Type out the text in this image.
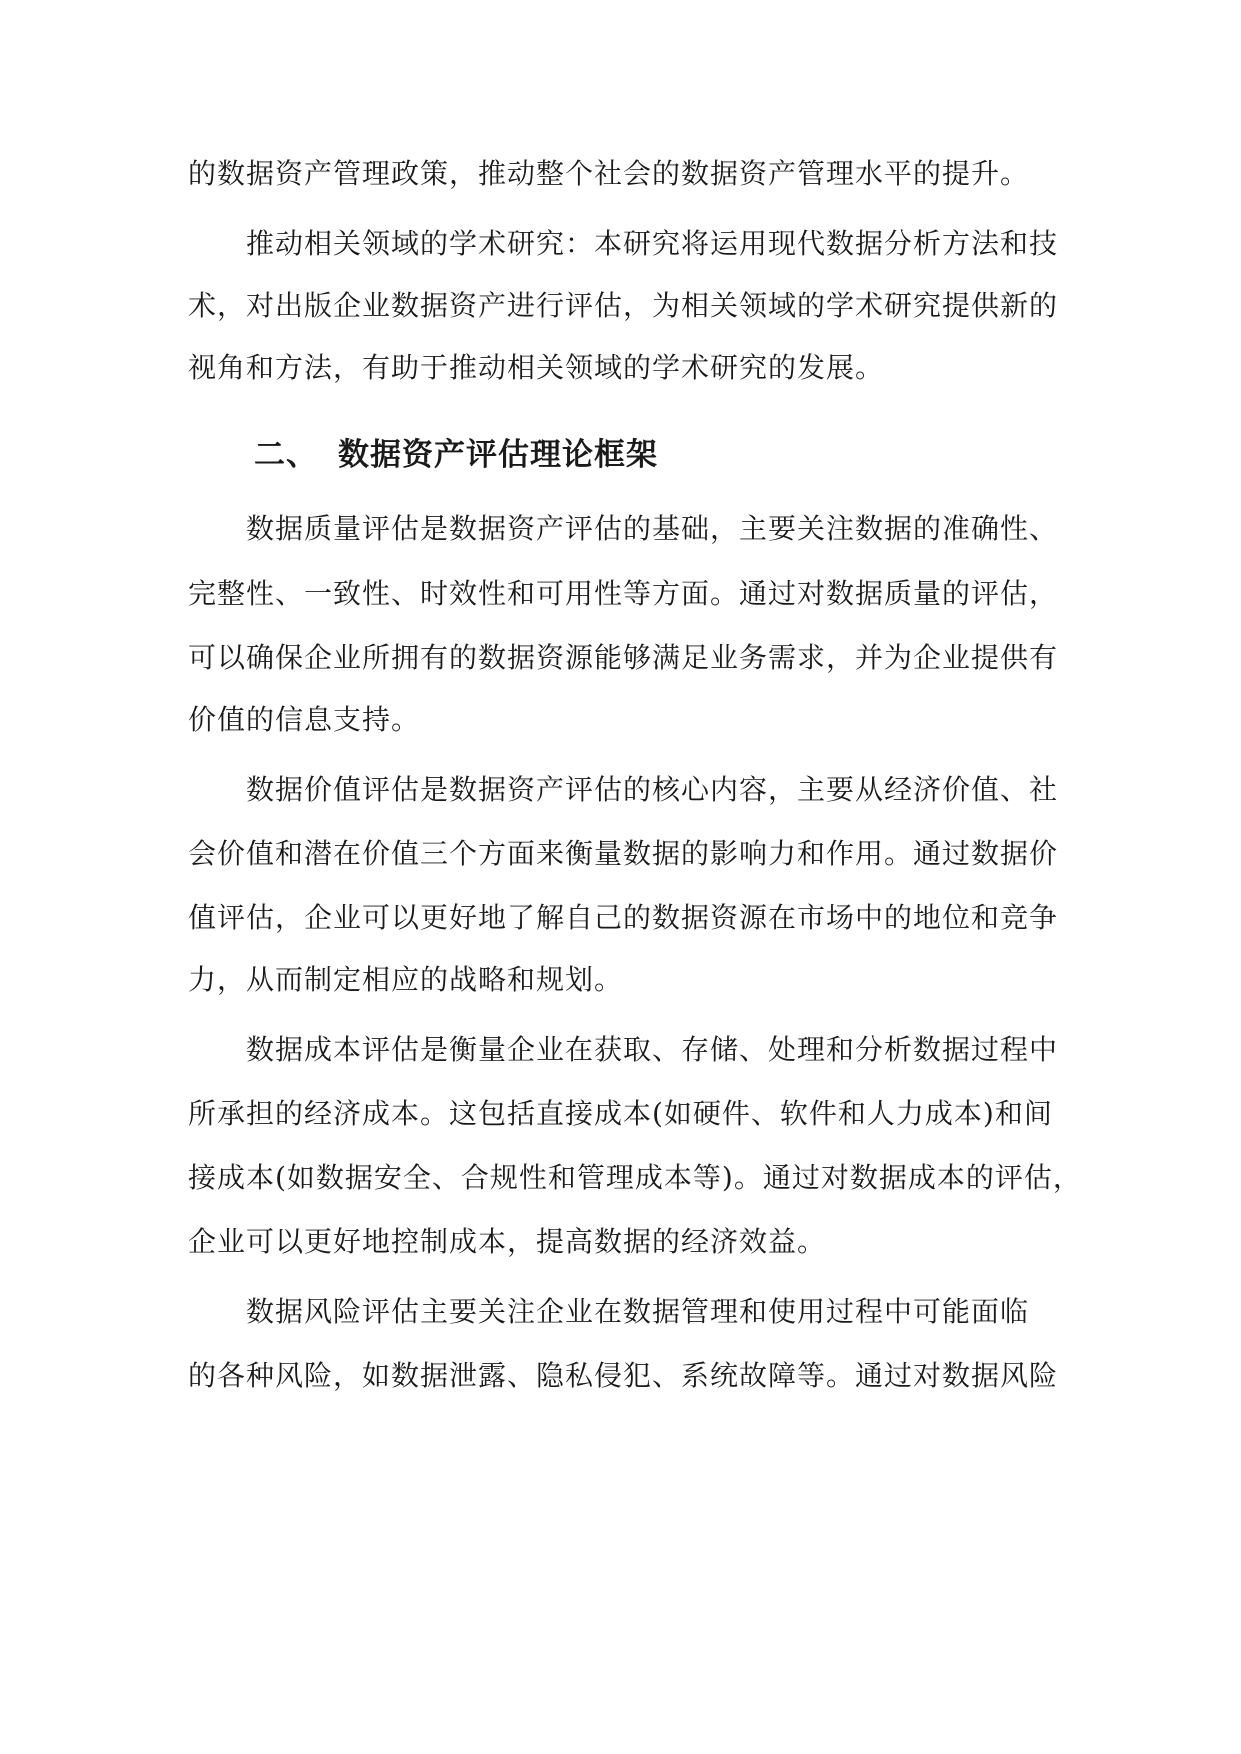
的数据资产管理政策，推动整个社会的数据资产管理水平的提升。
推动相关领域的学术研究：本研究将运用现代数据分析方法和技
术，对出版企业数据资产进行评估，为相关领域的学术研究提供新的
视角和方法，有助于推动相关领域的学术研究的发展。
二、 数据资产评估理论框架
数据质量评估是数据资产评估的基础，主要关注数据的准确性、
完整性、一致性、时效性和可用性等方面。通过对数据质量的评估，
可以确保企业所拥有的数据资源能够满足业务需求，并为企业提供有
价值的信息支持。
数据价值评估是数据资产评估的核心内容，主要从经济价值、社
会价值和潜在价值三个方面来衡量数据的影响力和作用。通过数据价
值评估，企业可以更好地了解自己的数据资源在市场中的地位和竞争
力，从而制定相应的战略和规划。
数据成本评估是衡量企业在获取、存储、处理和分析数据过程中
所承担的经济成本。这包括直接成本(如硬件、软件和人力成本)和间
接成本(如数据安全、合规性和管理成本等)。通过对数据成本的评估，
企业可以更好地控制成本，提高数据的经济效益。
数据风险评估主要关注企业在数据管理和使用过程中可能面临
的各种风险，如数据泄露、隐私侵犯、系统故障等。通过对数据风险
